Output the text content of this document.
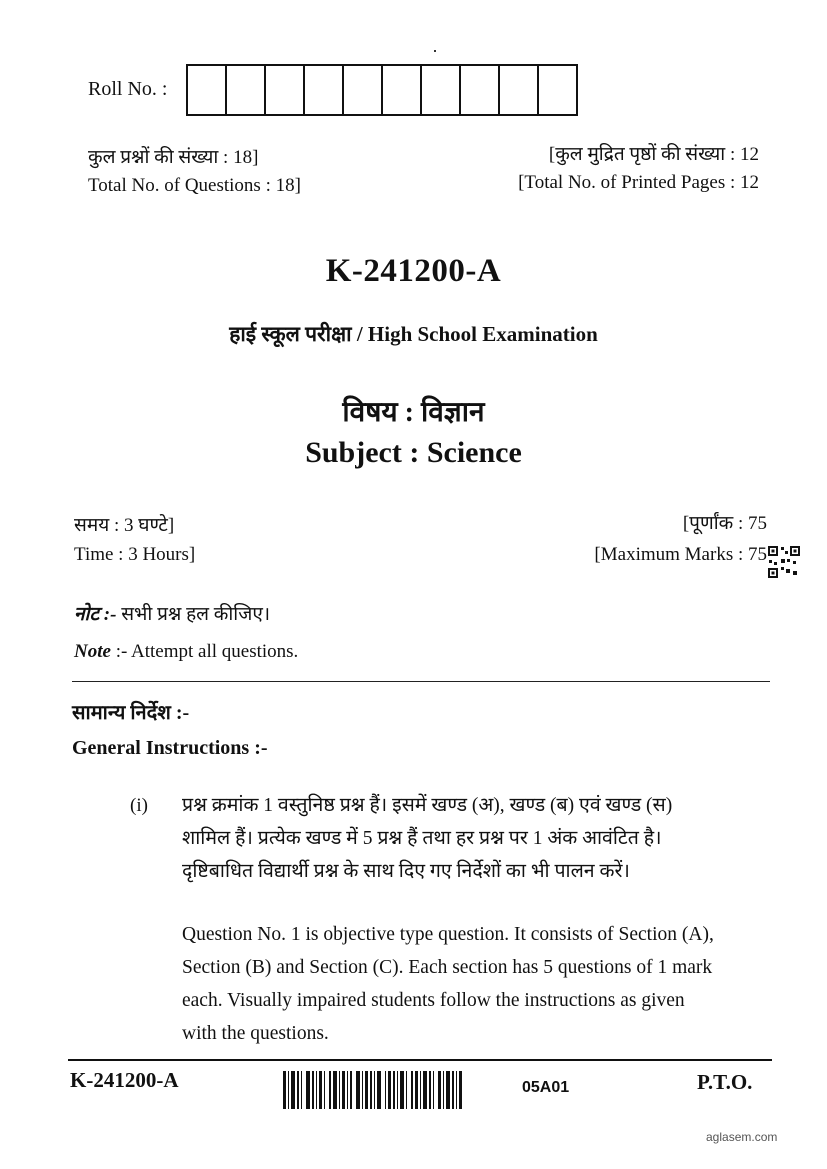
Roll No. :
कुल प्रश्नों की संख्या : 18]
Total No. of Questions : 18]
[कुल मुद्रित पृष्ठों की संख्या : 12
[Total No. of Printed Pages : 12
K-241200-A
हाई स्कूल परीक्षा / High School Examination
विषय : विज्ञान
Subject : Science
समय : 3 घण्टे]
Time : 3 Hours]
[पूर्णांक : 75
[Maximum Marks : 75
नोट :- सभी प्रश्न हल कीजिए।
Note :- Attempt all questions.
सामान्य निर्देश :-
General Instructions :-
(i) प्रश्न क्रमांक 1 वस्तुनिष्ठ प्रश्न हैं। इसमें खण्ड (अ), खण्ड (ब) एवं खण्ड (स) शामिल हैं। प्रत्येक खण्ड में 5 प्रश्न हैं तथा हर प्रश्न पर 1 अंक आवंटित है। दृष्टिबाधित विद्यार्थी प्रश्न के साथ दिए गए निर्देशों का भी पालन करें।
Question No. 1 is objective type question. It consists of Section (A), Section (B) and Section (C). Each section has 5 questions of 1 mark each. Visually impaired students follow the instructions as given with the questions.
K-241200-A	05A01	P.T.O.
aglasem.com
